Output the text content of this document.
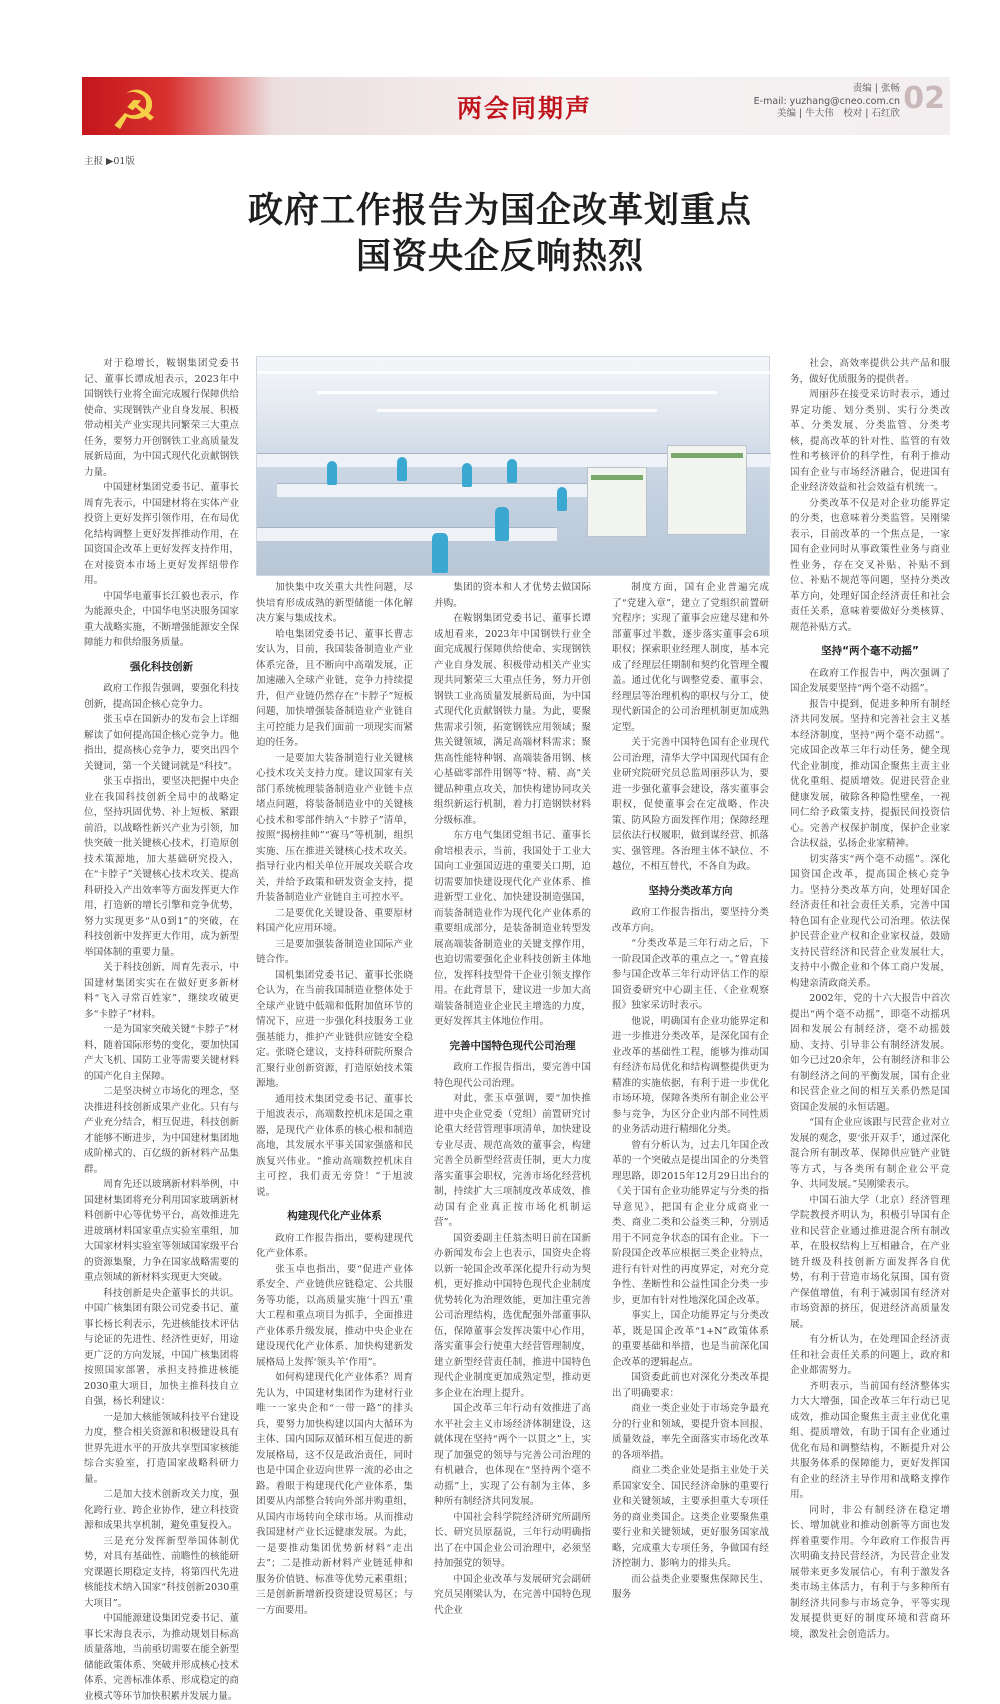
☭	两会同期声
责编 | 张畅
E-mail: yuzhang@cneo.com.cn
美编 | 牛大伟　校对 | 石红欣 02
主报 ▶01版
政府工作报告为国企改革划重点
国资央企反响热烈

对于稳增长，鞍钢集团党委书记、董事长谭成旭表示，2023年中国钢铁行业将全面完成履行保障供给使命、实现钢铁产业自身发展、积极带动相关产业实现共同繁荣三大重点任务，要努力开创钢铁工业高质量发展新局面，为中国式现代化贡献钢铁力量。

中国建材集团党委书记、董事长周育先表示，中国建材将在实体产业投资上更好发挥引领作用，在布局优化结构调整上更好发挥推动作用，在国资国企改革上更好发挥支持作用，在对接资本市场上更好发挥纽带作用。

中国华电董事长江毅也表示，作为能源央企，中国华电坚决服务国家重大战略实施，不断增强能源安全保障能力和供给服务质量。

强化科技创新

政府工作报告强调，要强化科技创新，提高国企核心竞争力。

张玉卓在国新办的发布会上详细解读了如何提高国企核心竞争力。他指出，提高核心竞争力，要突出四个关键词，第一个关键词就是“科技”。

张玉卓指出，要坚决把握中央企业在我国科技创新全局中的战略定位，坚持巩固优势、补上短板、紧跟前沿，以战略性新兴产业为引领，加快突破一批关键核心技术，打造原创技术策源地，加大基础研究投入，在“卡脖子”关键核心技术攻关、提高科研投入产出效率等方面发挥更大作用，打造新的增长引擎和竞争优势，努力实现更多“从0到1”的突破，在科技创新中发挥更大作用，成为新型举国体制的重要力量。

关于科技创新，周育先表示，中国建材集团实实在在做好更多新材料“飞入寻常百姓家”，继续攻破更多“卡脖子”材料。

一是为国家突破关键“卡脖子”材料，随着国际形势的变化，要加快国产大飞机、国防工业等需要关键材料的国产化自主保障。

二是坚决树立市场化的理念，坚决推进科技创新成果产业化。只有与产业充分结合，相互促进，科技创新才能够不断进步，为中国建材集团地成阶梯式的、百亿级的新材料产品集群。

周育先还以玻璃新材料举例，中国建材集团将充分利用国家玻璃新材料创新中心等优势平台，高效推进先进玻璃材料国家重点实验室重组，加大国家材料实验室等领域国家级平台的资源集聚，力争在国家战略需要的重点领域的新材料实现更大突破。

科技创新是央企董事长的共识。中国广核集团有限公司党委书记、董事长杨长利表示，先进核能技术评估与论证的先进性、经济性更好，用途更广泛的方向发展，中国广核集团将按照国家部署，承担支持推进核能2030重大项目，加快主推科技自立自强，杨长利建议：

一是加大核能领域科技平台建设力度，整合相关资源和积极建设具有世界先进水平的开放共享型国家核能综合实验室，打造国家战略科研力量。

二是加大技术创新攻关力度，强化跨行业、跨企业协作，建立科技资源和成果共享机制，避免重复投入。

三是充分发挥新型举国体制优势，对具有基础性、前瞻性的核能研究课题长期稳定支持，将第四代先进核能技术纳入国家“科技创新2030重大项目”。

中国能源建设集团党委书记、董事长宋海良表示，为推动规划目标高质量落地，当前亟切需要在能全新型储能政策体系、突破并形成核心技术体系、完善标准体系、形成稳定的商业模式等环节加快积累并发展力量。

加快集中攻关重大共性问题，尽快培育形成成熟的新型储能一体化解决方案与集成技术。

哈电集团党委书记、董事长曹志安认为，目前，我国装备制造业产业体系完备，且不断向中高端发展，正加速融入全球产业链，竞争力持续提升，但产业链仍然存在“卡脖子”短板问题，加快增强装备制造业产业链自主可控能力是我们面前一项现实而紧迫的任务。

一是要加大装备制造行业关键核心技术攻关支持力度。建议国家有关部门系统梳理装备制造业产业链卡点堵点问题，将装备制造业中的关键核心技术和零部件纳入“卡脖子”清单，按照“揭榜挂帅”“赛马”等机制，组织实施、压在推进关键核心技术攻关。指导行业内相关单位开展攻关联合攻关，并给予政策和研发资金支持，提升装备制造业产业链自主可控水平。

二是要优化关键设备、重要原材料国产化应用环境。

三是要加强装备制造业国际产业链合作。

国机集团党委书记、董事长张晓仑认为，在当前我国制造业整体处于全球产业链中低端和低附加值环节的情况下，应进一步强化科技服务工业强基能力，推护产业链供应链安全稳定。张晓仑建议，支持科研院所聚合汇聚行业创新资源，打造原始技术策源地。

通用技术集团党委书记、董事长于旭波表示，高端数控机床是国之重器，是现代产业体系的核心根和制造高地，其发展水平事关国家强盛和民族复兴伟业。“推动高端数控机床自主可控，我们责无旁贷！”于旭波说。

构建现代化产业体系

政府工作报告指出，要构建现代化产业体系。

张玉卓也指出，要“促进产业体系安全、产业链供应链稳定、公共服务等功能，以高质量实施‘十四五’重大工程和重点项目为抓手，全面推进产业体系升级发展，推动中央企业在建设现代化产业体系、加快构建新发展格局上发挥‘领头羊’作用”。

如何构建现代化产业体系？周育先认为，中国建材集团作为建材行业唯一一家央企和“一带一路”的排头兵，要努力加快构建以国内大循环为主体、国内国际双循环相互促进的新发展格局，这不仅是政治责任，同时也是中国企业迈向世界一流的必由之路。着眼于构建现代化产业体系，集团要从内部整合转向外部并购重组，从国内市场转向全球市场。从而推动我国建材产业长远健康发展。为此，一是要推动集团优势新材料“走出去”；二是推动新材料产业链延伸和服务价值链、标准等优势元素重组；三是创新新增新投资建设贸易区；与一方面要用。

集团的资本和人才优势去做国际并购。

在鞍钢集团党委书记、董事长谭成旭看来，2023年中国钢铁行业全面完成履行保障供给使命、实现钢铁产业自身发展、积极带动相关产业实现共同繁荣三大重点任务，努力开创钢铁工业高质量发展新局面，为中国式现代化贡献钢铁力量。为此，要聚焦需求引领，拓宽钢铁应用领域；聚焦关键领域，满足高端材料需求；聚焦高性能特种钢、高端装备用钢、核心基础零部件用钢等“特、精、高”关键品种重点攻关，加快构建协同攻关组织新运行机制，着力打造钢铁材料分级标准。

东方电气集团党组书记、董事长俞培根表示，当前，我国处于工业大国向工业强国迈进的重要关口期，迫切需要加快建设现代化产业体系、推进新型工业化、加快建设制造强国，而装备制造业作为现代化产业体系的重要组成部分，是装备制造业转型发展高端装备制造业的关键支撑作用，也迫切需要强化企业科技创新主体地位，发挥科技型骨干企业引领支撑作用。在此背景下，建议进一步加大高端装备制造业企业民主增选的力度，更好发挥其主体地位作用。

完善中国特色现代公司治理

政府工作报告指出，要完善中国特色现代公司治理。

对此，张玉卓强调，要“加快推进中央企业党委（党组）前置研究讨论重大经营管理事项清单，加快建设专业尽责、规范高效的董事会，构建完善全员新型经营责任制，更大力度落实董事会职权，完善市场化经营机制，持续扩大三项制度改革成效，推动国有企业真正按市场化机制运营”。

国资委副主任翁杰明日前在国新办新闻发布会上也表示，国资央企将以新一轮国企改革深化提升行动为契机，更好推动中国特色现代企业制度优势转化为治理效能，更加注重完善公司治理结构，选优配强外部董事队伍，保障董事会发挥决策中心作用，落实董事会行使重大经营管理制度，建立新型经营责任制，推进中国特色现代企业制度更加成熟定型，推动更多企业在治理上提升。

国企改革三年行动有效推进了高水平社会主义市场经济体制建设，这就体现在坚持“两个一以贯之”上，实现了加强党的领导与完善公司治理的有机融合，也体现在“坚持两个毫不动摇”上，实现了公有制为主体、多种所有制经济共同发展。

中国社会科学院经济研究所副所长、研究员原磊说，三年行动明确指出了在中国企业公司治理中，必须坚持加强党的领导。

中国企业改革与发展研究会副研究员吴刚梁认为，在完善中国特色现代企业

制度方面，国有企业普遍完成了“党建入章”，建立了党组织前置研究程序；实现了董事会应建尽建和外部董事过半数，逐步落实董事会6项职权；探索职业经理人制度，基本完成了经理层任期制和契约化管理全覆盖。通过优化与调整党委、董事会、经理层等治理机构的职权与分工，使现代新国企的公司治理机制更加成熟定型。

关于完善中国特色国有企业现代公司治理，清华大学中国现代国有企业研究院研究员总监周丽莎认为，要进一步强化董事会建设，落实董事会职权，促使董事会在定战略、作决策、防风险方面发挥作用；保障经理层依法行权履职，做到谋经营、抓落实、强管理。各治理主体不缺位、不越位，不相互替代，不各自为政。

坚持分类改革方向

政府工作报告指出，要坚持分类改革方向。

“分类改革是三年行动之后，下一阶段国企改革的重点之一。”曾直接参与国企改革三年行动评估工作的原国资委研究中心副主任、《企业观察报》独家采访时表示。

他说，明确国有企业功能界定和进一步推进分类改革，是深化国有企业改革的基础性工程，能够为推动国有经济布局优化和结构调整提供更为精准的实施依据，有利于进一步优化市场环境，保障各类所有制企业公平参与竞争，为区分企业内部不同性质的业务活动进行精细化分类。

曾有分析认为，过去几年国企改革的一个突破点是提出国企的分类管理思路，即2015年12月29日出台的《关于国有企业功能界定与分类的指导意见》，把国有企业分成商业一类、商业二类和公益类三种，分别适用于不同竞争状态的国有企业。下一阶段国企改革应根据三类企业特点，进行有针对性的再度界定，对充分竞争性、垄断性和公益性国企分类一步步，更加有针对性地深化国企改革。

事实上，国企功能界定与分类改革，既是国企改革“1+N”政策体系的重要基础和举措，也是当前深化国企改革的逻辑起点。

国资委此前也对深化分类改革提出了明确要求：

商业一类企业处于市场竞争最充分的行业和领域，要提升资本回报、质量效益，率先全面落实市场化改革的各项举措。

商业二类企业处是指主业处于关系国家安全、国民经济命脉的重要行业和关键领域，主要承担重大专项任务的商业类国企。这类企业要聚焦重要行业和关键领域，更好服务国家战略，完成重大专项任务，争做国有经济控制力、影响力的排头兵。

而公益类企业要聚焦保障民生、服务

社会，高效率提供公共产品和服务，做好优质服务的提供者。

周丽莎在接受采访时表示，通过界定功能、划分类别、实行分类改革、分类发展、分类监管、分类考核，提高改革的针对性、监管的有效性和考核评价的科学性，有利于推动国有企业与市场经济融合，促进国有企业经济效益和社会效益有机统一。

分类改革不仅是对企业功能界定的分类，也意味着分类监管。吴刚梁表示，目前改革的一个焦点是，一家国有企业同时从事政策性业务与商业性业务，存在交叉补贴、补贴不到位、补贴不规范等问题，坚持分类改革方向，处理好国企经济责任和社会责任关系，意味着要做好分类核算、规范补贴方式。

坚持“两个毫不动摇”

在政府工作报告中，两次强调了国企发展要坚持“两个毫不动摇”。

报告中提到，促进多种所有制经济共同发展。坚持和完善社会主义基本经济制度，坚持“两个毫不动摇”。完成国企改革三年行动任务，健全现代企业制度，推动国企聚焦主责主业优化重组、提质增效。促进民营企业健康发展，破除各种隐性壁垒，一视同仁给予政策支持，提振民间投资信心。完善产权保护制度，保护企业家合法权益，弘扬企业家精神。

切实落实“两个毫不动摇”。深化国资国企改革，提高国企核心竞争力。坚持分类改革方向，处理好国企经济责任和社会责任关系，完善中国特色国有企业现代公司治理。依法保护民营企业产权和企业家权益，鼓励支持民营经济和民营企业发展壮大，支持中小微企业和个体工商户发展，构建亲清政商关系。

2002年，党的十六大报告中首次提出“两个毫不动摇”，即毫不动摇巩固和发展公有制经济，毫不动摇鼓励、支持、引导非公有制经济发展。如今已过20余年，公有制经济和非公有制经济之间的平衡发展，国有企业和民营企业之间的相互关系仍然是国资国企发展的永恒话题。

“国有企业应该跟与民营企业对立发展的观念，要‘张开双手’，通过深化混合所有制改革、保障供应链产业链等方式，与各类所有制企业公平竞争、共同发展。”吴刚梁表示。

中国石油大学（北京）经济管理学院教授齐明认为，积极引导国有企业和民营企业通过推进混合所有制改革，在股权结构上互相融合，在产业链升级及科技创新方面发挥各自优势，有利于营造市场化氛围，国有资产保值增值，有利于减弱国有经济对市场资源的挤压，促进经济高质量发展。

有分析认为，在处理国企经济责任和社会责任关系的问题上，政府和企业都需努力。

齐明表示，当前国有经济整体实力大大增强，国企改革三年行动已见成效，推动国企聚焦主责主业优化重组、提质增效，有助于国有企业通过优化布局和调整结构，不断提升对公共服务体系的保障能力，更好发挥国有企业的经济主导作用和战略支撑作用。

同时，非公有制经济在稳定增长、增加就业和推动创新等方面也发挥着重要作用。今年政府工作报告再次明确支持民营经济，为民营企业发展带来更多发展信心，有利于激发各类市场主体活力，有利于与多种所有制经济共同参与市场竞争，平等实现发展提供更好的制度环境和营商环境，激发社会创造活力。
